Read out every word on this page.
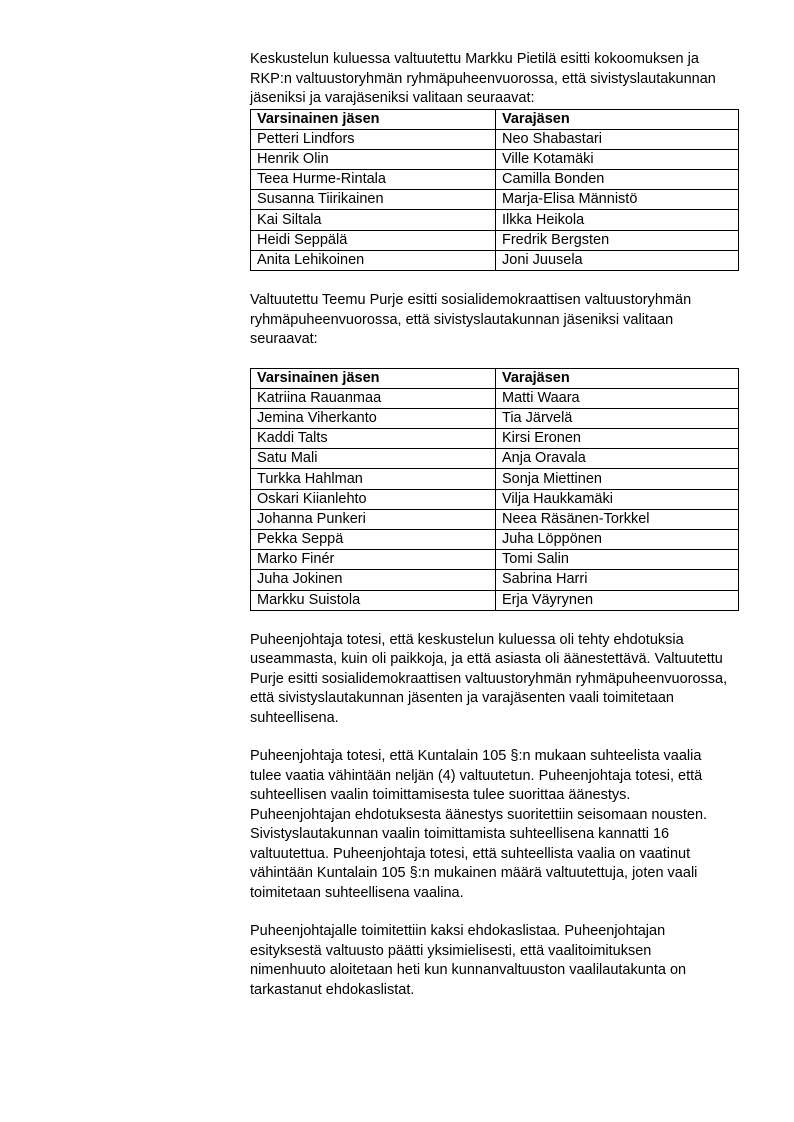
Keskustelun kuluessa valtuutettu Markku Pietilä esitti kokoomuksen ja
RKP:n valtuustoryhmän ryhmäpuheenvuorossa, että sivistyslautakunnan
jäseniksi ja varajäseniksi valitaan seuraavat:

Varsinainen jäsen	Varajäsen
Petteri Lindfors	Neo Shabastari
Henrik Olin	Ville Kotamäki
Teea Hurme-Rintala	Camilla Bonden
Susanna Tiirikainen	Marja-Elisa Männistö
Kai Siltala	Ilkka Heikola
Heidi Seppälä	Fredrik Bergsten
Anita Lehikoinen	Joni Juusela

Valtuutettu Teemu Purje esitti sosialidemokraattisen valtuustoryhmän
ryhmäpuheenvuorossa, että sivistyslautakunnan jäseniksi valitaan
seuraavat:

Varsinainen jäsen	Varajäsen
Katriina Rauanmaa	Matti Waara
Jemina Viherkanto	Tia Järvelä
Kaddi Talts	Kirsi Eronen
Satu Mali	Anja Oravala
Turkka Hahlman	Sonja Miettinen
Oskari Kiianlehto	Vilja Haukkamäki
Johanna Punkeri	Neea Räsänen-Torkkel
Pekka Seppä	Juha Löppönen
Marko Finér	Tomi Salin
Juha Jokinen	Sabrina Harri
Markku Suistola	Erja Väyrynen

Puheenjohtaja totesi, että keskustelun kuluessa oli tehty ehdotuksia
useammasta, kuin oli paikkoja, ja että asiasta oli äänestettävä. Valtuutettu
Purje esitti sosialidemokraattisen valtuustoryhmän ryhmäpuheenvuorossa,
että sivistyslautakunnan jäsenten ja varajäsenten vaali toimitetaan
suhteellisena.

Puheenjohtaja totesi, että Kuntalain 105 §:n mukaan suhteelista vaalia
tulee vaatia vähintään neljän (4) valtuutetun. Puheenjohtaja totesi, että
suhteellisen vaalin toimittamisesta tulee suorittaa äänestys.
Puheenjohtajan ehdotuksesta äänestys suoritettiin seisomaan nousten.
Sivistyslautakunnan vaalin toimittamista suhteellisena kannatti 16
valtuutettua. Puheenjohtaja totesi, että suhteellista vaalia on vaatinut
vähintään Kuntalain 105 §:n mukainen määrä valtuutettuja, joten vaali
toimitetaan suhteellisena vaalina.

Puheenjohtajalle toimitettiin kaksi ehdokaslistaa. Puheenjohtajan
esityksestä valtuusto päätti yksimielisesti, että vaalitoimituksen
nimenhuuto aloitetaan heti kun kunnanvaltuuston vaalilautakunta on
tarkastanut ehdokaslistat.
